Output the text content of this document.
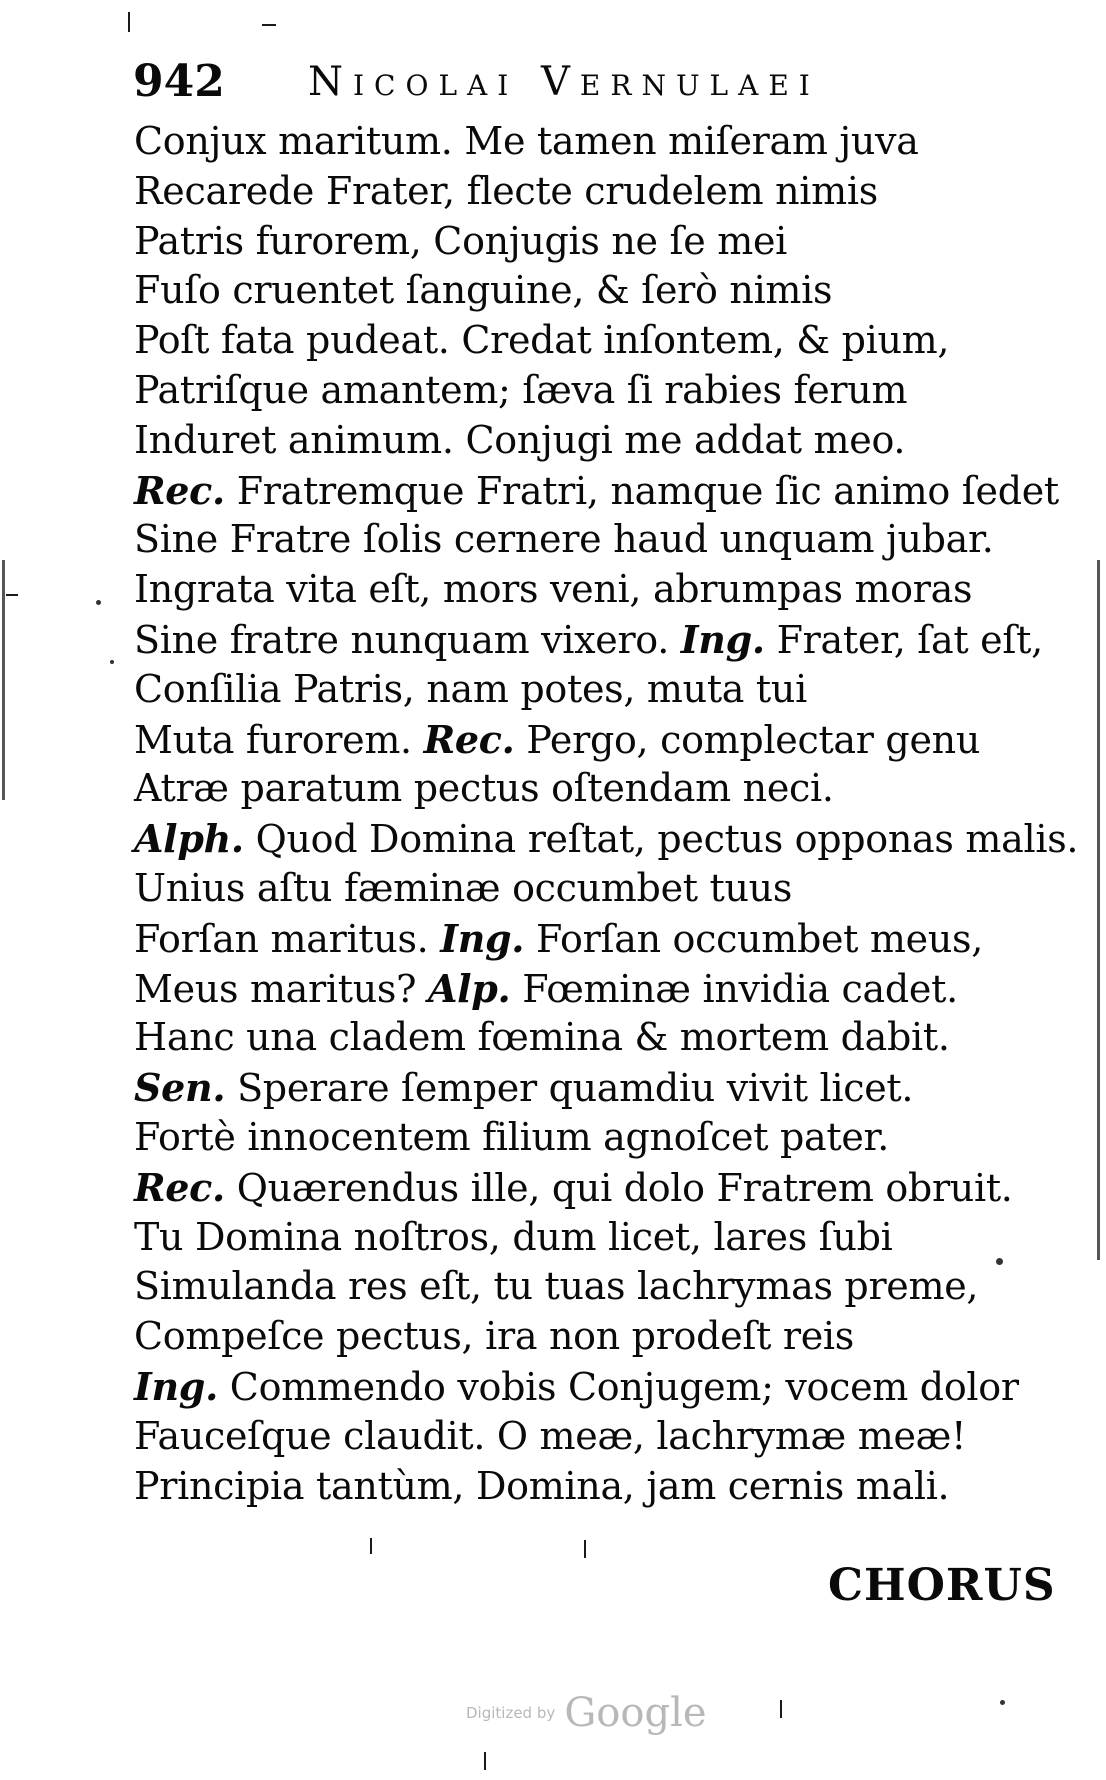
942 Nicolai Vernulaei
Conjux maritum. Me tamen miſeram juva
Recarede Frater, flecte crudelem nimis
Patris furorem, Conjugis ne ſe mei
Fuſo cruentet ſanguine, & ſerò nimis
Poſt fata pudeat. Credat inſontem, & pium,
Patriſque amantem; ſæva ſi rabies ferum
Induret animum. Conjugi me addat meo.
Rec. Fratremque Fratri, namque ſic animo ſedet
Sine Fratre ſolis cernere haud unquam jubar.
Ingrata vita eſt, mors veni, abrumpas moras
Sine fratre nunquam vixero. Ing. Frater, ſat eſt,
Conſilia Patris, nam potes, muta tui
Muta furorem. Rec. Pergo, complectar genu
Atræ paratum pectus oſtendam neci.
Alph. Quod Domina reſtat, pectus opponas malis.
Unius aſtu fæminæ occumbet tuus
Forſan maritus. Ing. Forſan occumbet meus,
Meus maritus? Alp. Fœminæ invidia cadet.
Hanc una cladem fœmina & mortem dabit.
Sen. Sperare ſemper quamdiu vivit licet.
Fortè innocentem filium agnoſcet pater.
Rec. Quærendus ille, qui dolo Fratrem obruit.
Tu Domina noſtros, dum licet, lares ſubi
Simulanda res eſt, tu tuas lachrymas preme,
Compeſce pectus, ira non prodeſt reis
Ing. Commendo vobis Conjugem; vocem dolor
Fauceſque claudit. O meæ, lachrymæ meæ!
Principia tantùm, Domina, jam cernis mali.
CHORUS
Digitized by Google
